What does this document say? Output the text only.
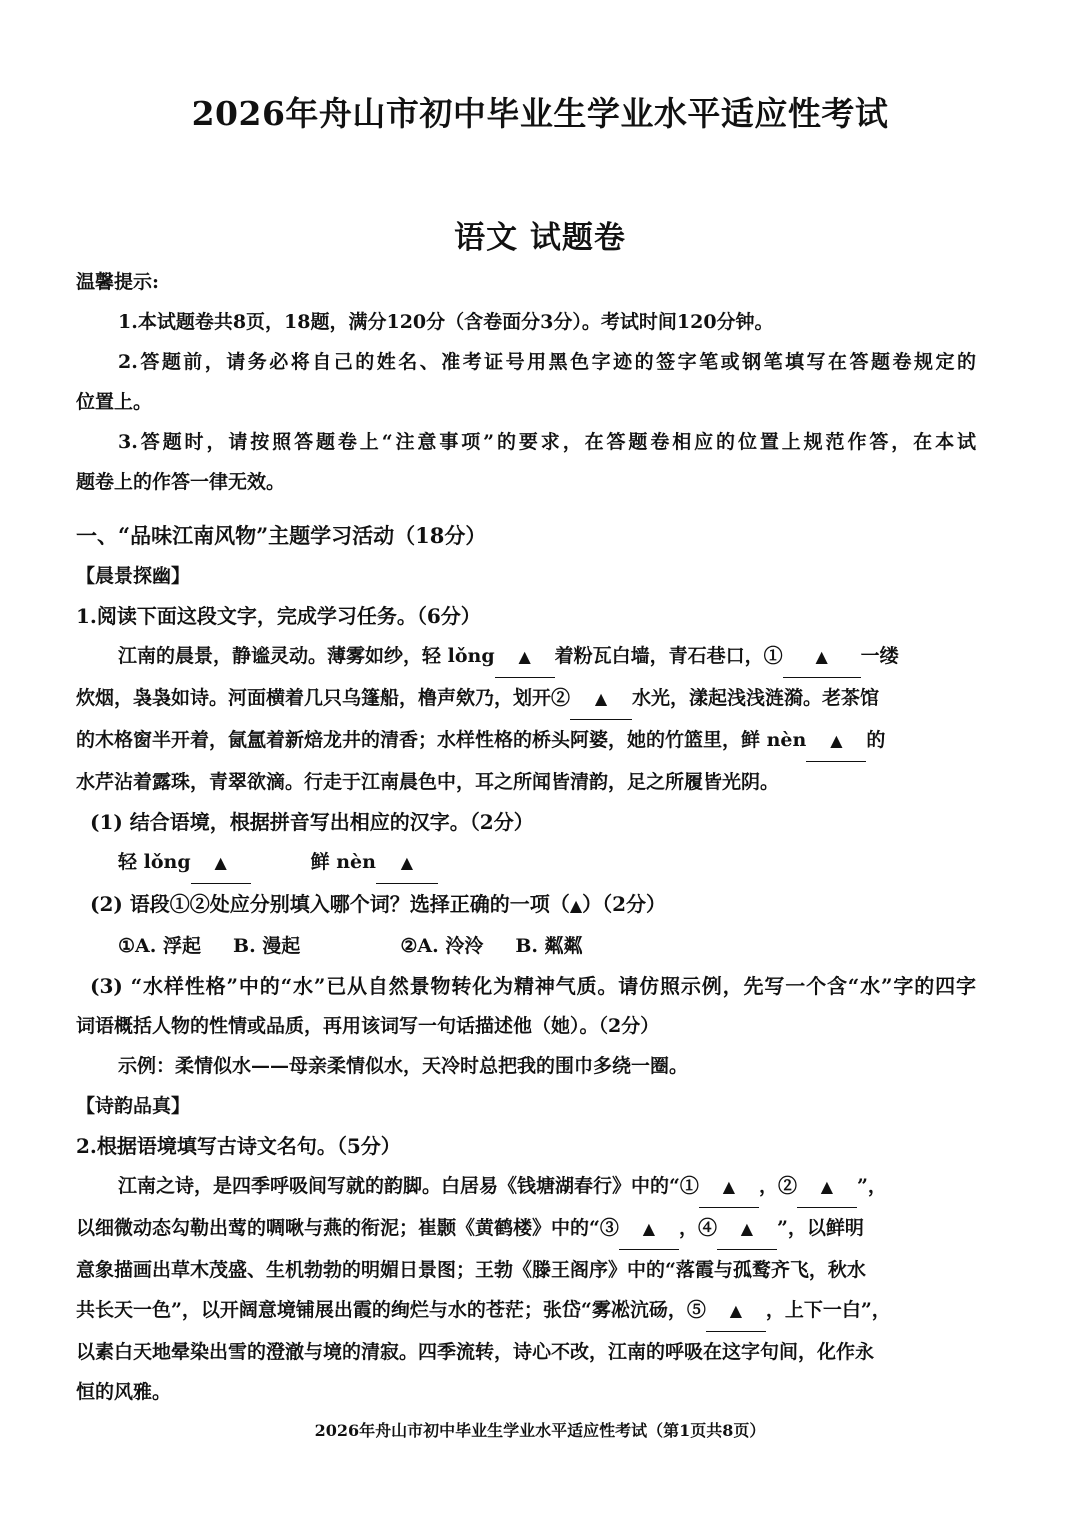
2026年舟山市初中毕业生学业水平适应性考试
语文 试题卷
温馨提示:
1.本试题卷共8页，18题，满分120分（含卷面分3分）。考试时间120分钟。
2.答题前，请务必将自己的姓名、准考证号用黑色字迹的签字笔或钢笔填写在答题卷规定的
位置上。
3.答题时，请按照答题卷上“注意事项”的要求，在答题卷相应的位置上规范作答，在本试
题卷上的作答一律无效。
一、“品味江南风物”主题学习活动（18分）
【晨景探幽】
1.阅读下面这段文字，完成学习任务。（6分）
江南的晨景，静谧灵动。薄雾如纱，轻 lǒng ▲ 着粉瓦白墙，青石巷口，① ▲ 一缕
炊烟，袅袅如诗。河面横着几只乌篷船，橹声欸乃，划开② ▲ 水光，漾起浅浅涟漪。老茶馆
的木格窗半开着，氤氲着新焙龙井的清香；水样性格的桥头阿婆，她的竹篮里，鲜 nèn ▲ 的
水芹沾着露珠，青翠欲滴。行走于江南晨色中，耳之所闻皆清韵，足之所履皆光阴。
(1) 结合语境，根据拼音写出相应的汉字。（2分）
轻 lǒng ▲	鲜 nèn ▲
(2) 语段①②处应分别填入哪个词？选择正确的一项（▲）（2分）
①A. 浮起 B. 漫起	②A. 泠泠 B. 粼粼
(3) “水样性格”中的“水”已从自然景物转化为精神气质。请仿照示例，先写一个含“水”字的四字
词语概括人物的性情或品质，再用该词写一句话描述他（她）。（2分）
示例：柔情似水——母亲柔情似水，天冷时总把我的围巾多绕一圈。
【诗韵品真】
2.根据语境填写古诗文名句。（5分）
江南之诗，是四季呼吸间写就的韵脚。白居易《钱塘湖春行》中的“① ▲ ，② ▲ ”，
以细微动态勾勒出莺的啁啾与燕的衔泥；崔颢《黄鹤楼》中的“③ ▲ ，④ ▲ ”，以鲜明
意象描画出草木茂盛、生机勃勃的明媚日景图；王勃《滕王阁序》中的“落霞与孤鹜齐飞，秋水
共长天一色”，以开阔意境铺展出霞的绚烂与水的苍茫；张岱“雾凇沆砀，⑤ ▲ ，上下一白”，
以素白天地晕染出雪的澄澈与境的清寂。四季流转，诗心不改，江南的呼吸在这字句间，化作永
恒的风雅。
2026年舟山市初中毕业生学业水平适应性考试（第1页共8页）
